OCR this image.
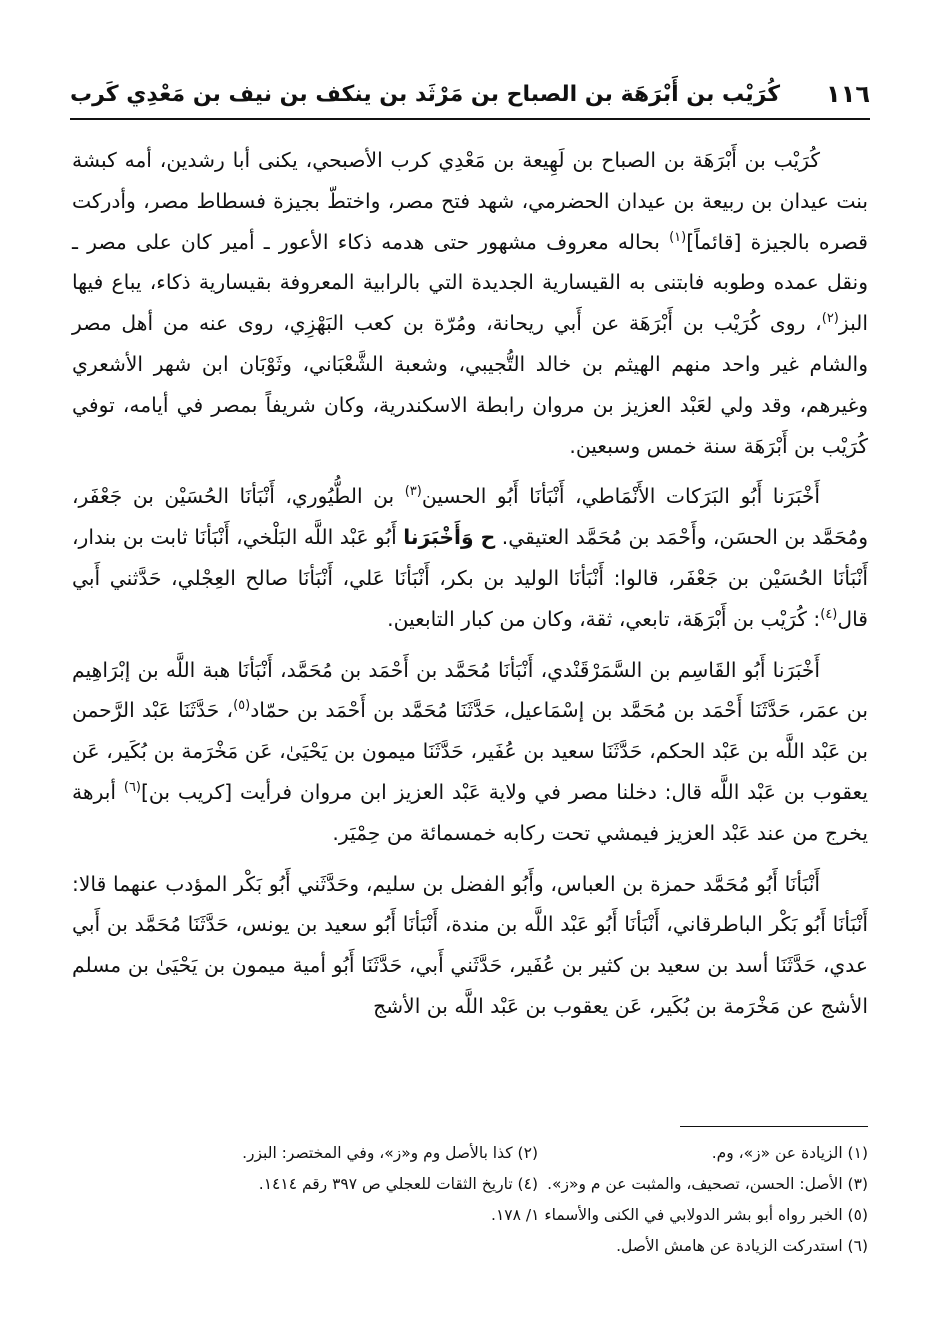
١١٦
كُرَيْب بن أَبْرَهَة بن الصباح بن مَرْثَد بن ينكف بن نيف بن مَعْدِي كَرب

كُرَيْب بن أَبْرَهَة بن الصباح بن لَهِيعة بن مَعْدِي كرب الأصبحي، يكنى أبا رشدين، أمه كبشة بنت عيدان بن ربيعة بن عيدان الحضرمي، شهد فتح مصر، واختطّ بجيزة فسطاط مصر، وأدركت قصره بالجيزة [قائماً]$^{(١)}$ بحاله معروف مشهور حتى هدمه ذكاء الأعور ـ أمير كان على مصر ـ ونقل عمده وطوبه فابتنى به القيسارية الجديدة التي بالرابية المعروفة بقيسارية ذكاء، يباع فيها البز$^{(٢)}$، روى كُرَيْب بن أَبْرَهَة عن أَبي ريحانة، ومُرّة بن كعب البَهْزِي، روى عنه من أهل مصر والشام غير واحد منهم الهيثم بن خالد التُّجيبي، وشعبة الشَّعْبَاني، وثَوْبَان ابن شهر الأشعري وغيرهم، وقد ولي لعَبْد العزيز بن مروان رابطة الاسكندرية، وكان شريفاً بمصر في أيامه، توفي كُرَيْب بن أَبْرَهَة سنة خمس وسبعين.

أَخْبَرَنا أَبُو البَرَكات الأَنْمَاطي، أَنْبَأنَا أَبُو الحسين$^{(٣)}$ بن الطُّيُوري، أَنْبَأنَا الحُسَيْن بن جَعْفَر، ومُحَمَّد بن الحسَن، وأَحْمَد بن مُحَمَّد العتيقي. ح وَأَخْبَرَنا أَبُو عَبْد اللَّه البَلْخي، أَنْبَأنَا ثابت بن بندار، أَنْبَأنَا الحُسَيْن بن جَعْفَر، قالوا: أَنْبَأنَا الوليد بن بكر، أَنْبَأنَا عَلي، أَنْبَأنَا صالح العِجْلي، حَدَّثني أَبي قال$^{(٤)}$: كُرَيْب بن أَبْرَهَة، تابعي، ثقة، وكان من كبار التابعين.

أَخْبَرَنا أَبُو القَاسِم بن السَّمَرْقَنْدي، أَنْبَأنَا مُحَمَّد بن أَحْمَد بن مُحَمَّد، أَنْبَأنَا هبة اللَّه بن إبْرَاهِيم بن عمَر، حَدَّثَنَا أَحْمَد بن مُحَمَّد بن إسْمَاعيل، حَدَّثَنَا مُحَمَّد بن أَحْمَد بن حمّاد$^{(٥)}$، حَدَّثَنَا عَبْد الرَّحمن بن عَبْد اللَّه بن عَبْد الحكم، حَدَّثَنَا سعيد بن عُفَير، حَدَّثَنَا ميمون بن يَحْيَىٰ، عَن مَخْرَمة بن بُكَير، عَن يعقوب بن عَبْد اللَّه قال: دخلنا مصر في ولاية عَبْد العزيز ابن مروان فرأيت [كريب بن]$^{(٦)}$ أبرهة يخرج من عند عَبْد العزيز فيمشي تحت ركابه خمسمائة من حِمْيَر.

أَنْبَأنَا أَبُو مُحَمَّد حمزة بن العباس، وأَبُو الفضل بن سليم، وحَدَّثَني أَبُو بَكْر المؤدب عنهما قالا: أَنْبَأنَا أَبُو بَكْر الباطرقاني، أَنْبَأنَا أَبُو عَبْد اللَّه بن مندة، أَنْبَأنَا أَبُو سعيد بن يونس، حَدَّثَنَا مُحَمَّد بن أَبي عدي، حَدَّثَنَا أسد بن سعيد بن كثير بن عُفَير، حَدَّثَني أَبي، حَدَّثَنَا أَبُو أمية ميمون بن يَحْيَىٰ بن مسلم الأشج عن مَخْرَمة بن بُكَير، عَن يعقوب بن عَبْد اللَّه بن الأشج

(١) الزيادة عن «ز»، وم.
(٢) كذا بالأصل وم و«ز»، وفي المختصر: البزر.
(٣) الأصل: الحسن، تصحيف، والمثبت عن م و«ز».
(٤) تاريخ الثقات للعجلي ص ٣٩٧ رقم ١٤١٤.
(٥) الخبر رواه أبو بشر الدولابي في الكنى والأسماء ١/ ١٧٨.
(٦) استدركت الزيادة عن هامش الأصل.
